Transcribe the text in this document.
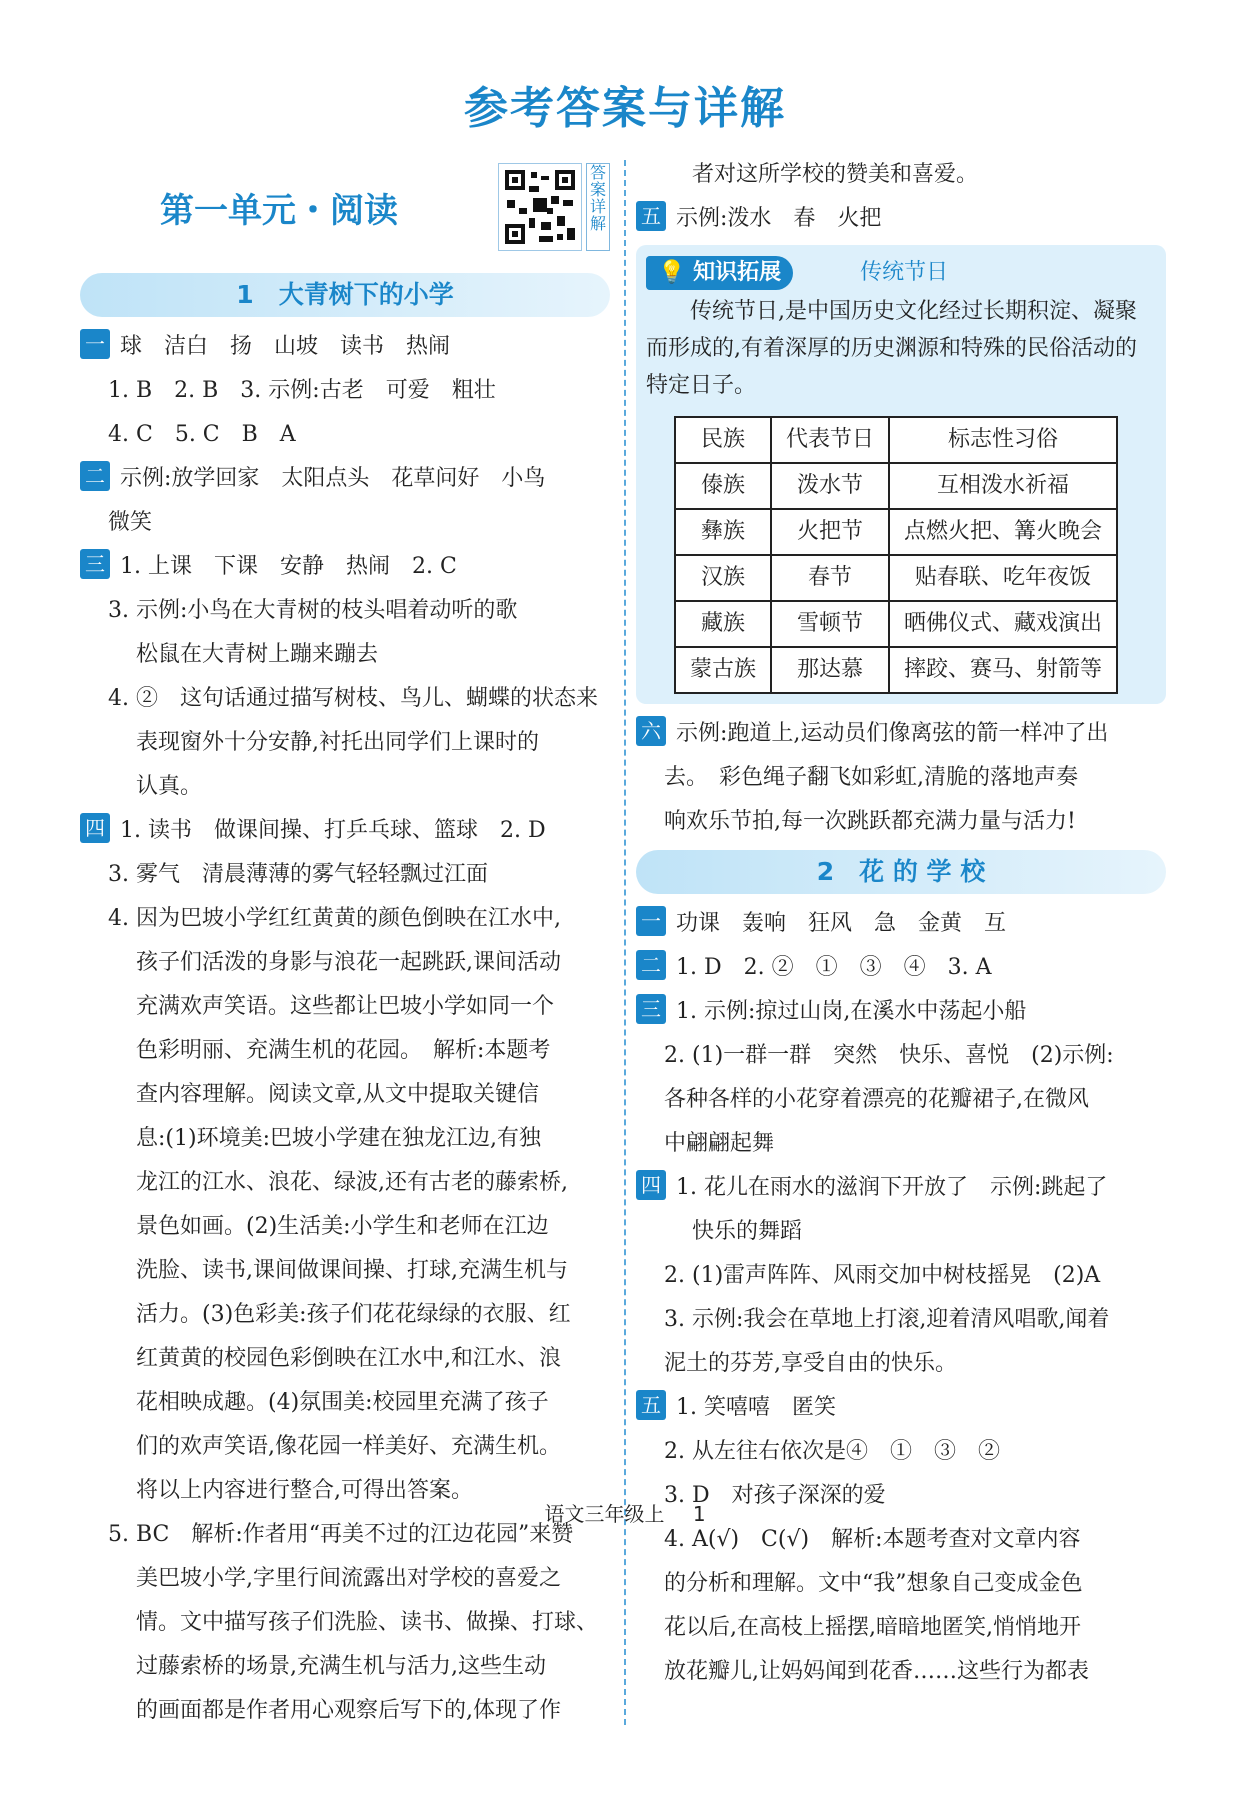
参考答案与详解
第一单元・阅读
答案详解
1　大青树下的小学
一 球　洁白　扬　山坡　读书　热闹
1. B　2. B　3. 示例:古老　可爱　粗壮
4. C　5. C　B　A
二 示例:放学回家　太阳点头　花草问好　小鸟
微笑
三 1. 上课　下课　安静　热闹　2. C
3. 示例:小鸟在大青树的枝头唱着动听的歌
松鼠在大青树上蹦来蹦去
4. ②　这句话通过描写树枝、鸟儿、蝴蝶的状态来
表现窗外十分安静,衬托出同学们上课时的
认真。
四 1. 读书　做课间操、打乒乓球、篮球　2. D
3. 雾气　清晨薄薄的雾气轻轻飘过江面
4. 因为巴坡小学红红黄黄的颜色倒映在江水中,
孩子们活泼的身影与浪花一起跳跃,课间活动
充满欢声笑语。这些都让巴坡小学如同一个
色彩明丽、充满生机的花园。　解析:本题考
查内容理解。阅读文章,从文中提取关键信
息:(1)环境美:巴坡小学建在独龙江边,有独
龙江的江水、浪花、绿波,还有古老的藤索桥,
景色如画。(2)生活美:小学生和老师在江边
洗脸、读书,课间做课间操、打球,充满生机与
活力。(3)色彩美:孩子们花花绿绿的衣服、红
红黄黄的校园色彩倒映在江水中,和江水、浪
花相映成趣。(4)氛围美:校园里充满了孩子
们的欢声笑语,像花园一样美好、充满生机。
将以上内容进行整合,可得出答案。
5. BC　解析:作者用“再美不过的江边花园”来赞
美巴坡小学,字里行间流露出对学校的喜爱之
情。文中描写孩子们洗脸、读书、做操、打球、
过藤索桥的场景,充满生机与活力,这些生动
的画面都是作者用心观察后写下的,体现了作
者对这所学校的赞美和喜爱。
五 示例:泼水　春　火把
💡 知识拓展	传统节日
传统节日,是中国历史文化经过长期积淀、凝聚而形成的,有着深厚的历史渊源和特殊的民俗活动的特定日子。
民族	代表节日	标志性习俗
傣族	泼水节	互相泼水祈福
彝族	火把节	点燃火把、篝火晚会
汉族	春节	贴春联、吃年夜饭
藏族	雪顿节	晒佛仪式、藏戏演出
蒙古族	那达慕	摔跤、赛马、射箭等
六 示例:跑道上,运动员们像离弦的箭一样冲了出
去。　彩色绳子翻飞如彩虹,清脆的落地声奏
响欢乐节拍,每一次跳跃都充满力量与活力!
2　花 的 学 校
一 功课　轰响　狂风　急　金黄　互
二 1. D　2. ②　①　③　④　3. A
三 1. 示例:掠过山岗,在溪水中荡起小船
2. (1)一群一群　突然　快乐、喜悦　(2)示例:
各种各样的小花穿着漂亮的花瓣裙子,在微风
中翩翩起舞
四 1. 花儿在雨水的滋润下开放了　示例:跳起了
快乐的舞蹈
2. (1)雷声阵阵、风雨交加中树枝摇晃　(2)A
3. 示例:我会在草地上打滚,迎着清风唱歌,闻着
泥土的芬芳,享受自由的快乐。
五 1. 笑嘻嘻　匿笑
2. 从左往右依次是④　①　③　②
3. D　对孩子深深的爱
4. A(√)　C(√)　解析:本题考查对文章内容
的分析和理解。文中“我”想象自己变成金色
花以后,在高枝上摇摆,暗暗地匿笑,悄悄地开
放花瓣儿,让妈妈闻到花香……这些行为都表
语文三年级上 1
